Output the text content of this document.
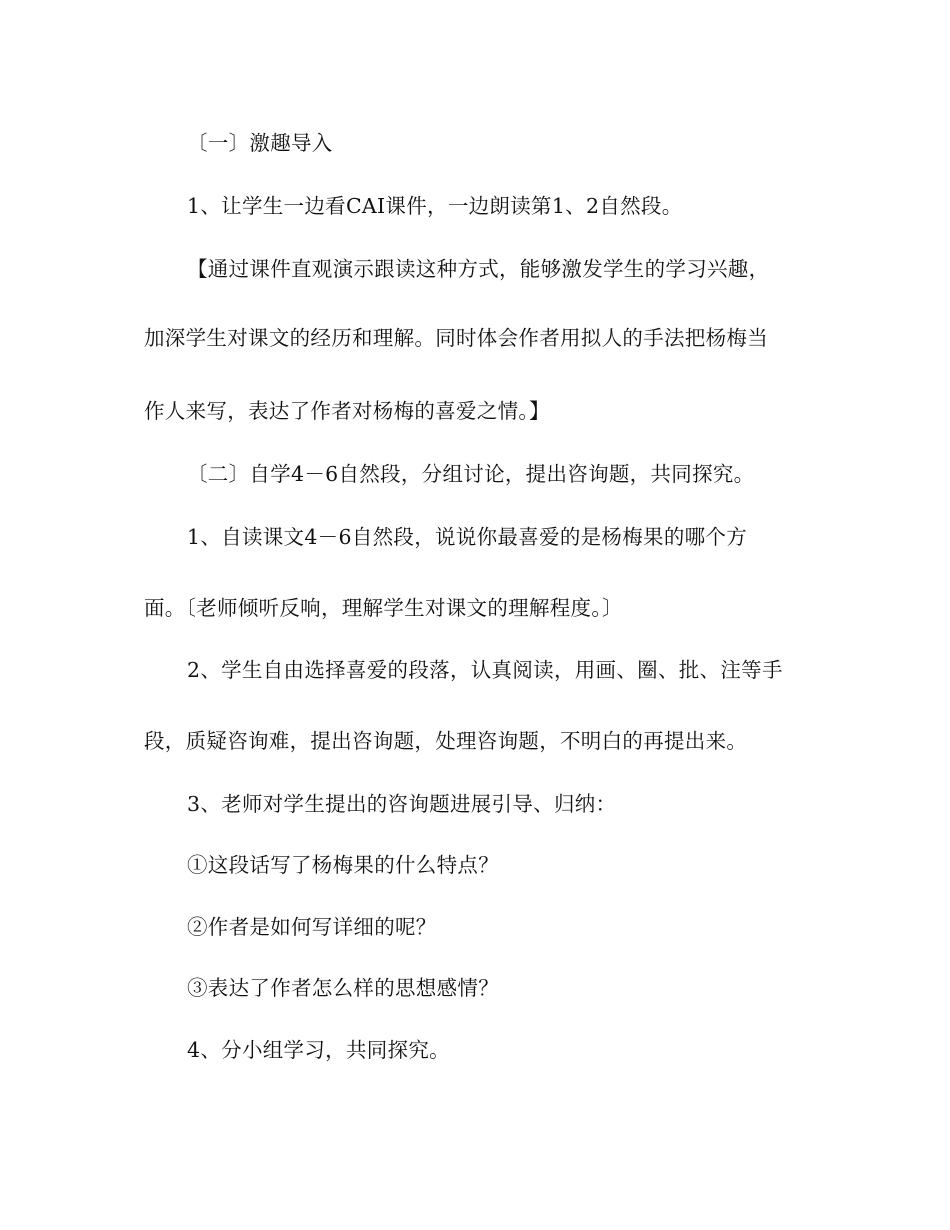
〔一〕激趣导入
1、让学生一边看CAI课件，一边朗读第1、2自然段。
【通过课件直观演示跟读这种方式，能够激发学生的学习兴趣，
加深学生对课文的经历和理解。同时体会作者用拟人的手法把杨梅当
作人来写，表达了作者对杨梅的喜爱之情。】
〔二〕自学4－6自然段，分组讨论，提出咨询题，共同探究。
1、自读课文4－6自然段，说说你最喜爱的是杨梅果的哪个方
面。〔老师倾听反响，理解学生对课文的理解程度。〕
2、学生自由选择喜爱的段落，认真阅读，用画、圈、批、注等手
段，质疑咨询难，提出咨询题，处理咨询题，不明白的再提出来。
3、老师对学生提出的咨询题进展引导、归纳：
①这段话写了杨梅果的什么特点？
②作者是如何写详细的呢？
③表达了作者怎么样的思想感情？
4、分小组学习，共同探究。
